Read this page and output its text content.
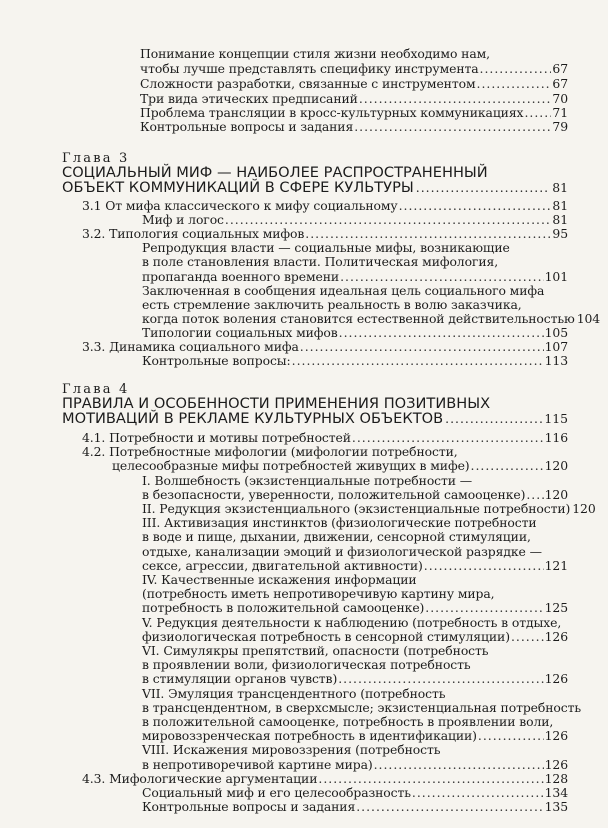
Понимание концепции стиля жизни необходимо нам,
чтобы лучше представлять специфику инструмента .....	67
Сложности разработки, связанные с инструментом .....	67
Три вида этических предписаний .....	70
Проблема трансляции в кросс-культурных коммуникациях ..... 71
Контрольные вопросы и задания .....	79
Глава 3
СОЦИАЛЬНЫЙ МИФ — НАИБОЛЕЕ РАСПРОСТРАНЕННЫЙ
ОБЪЕКТ КОММУНИКАЦИЙ В СФЕРЕ КУЛЬТУРЫ .....	81
3.1 От мифа классического к мифу социальному .....	81
Миф и логос .....	81
3.2. Типология социальных мифов .....	95
Репродукция власти — социальные мифы, возникающие
в поле становления власти. Политическая мифология,
пропаганда военного времени .....	101
Заключенная в сообщения идеальная цель социального мифа
есть стремление заключить реальность в волю заказчика,
когда поток воления становится естественной действительностью 104
Типологии социальных мифов .....	105
3.3. Динамика социального мифа .....	107
Контрольные вопросы: .....	113
Глава 4
ПРАВИЛА И ОСОБЕННОСТИ ПРИМЕНЕНИЯ ПОЗИТИВНЫХ
МОТИВАЦИЙ В РЕКЛАМЕ КУЛЬТУРНЫХ ОБЪЕКТОВ .....	115
4.1. Потребности и мотивы потребностей .....	116
4.2. Потребностные мифологии (мифологии потребности,
целесообразные мифы потребностей живущих в мифе) .....	120
I. Волшебность (экзистенциальные потребности —
в безопасности, уверенности, положительной самооценке) ..... 120
II. Редукция экзистенциального (экзистенциальные потребности) 120
III. Активизация инстинктов (физиологические потребности
в воде и пище, дыхании, движении, сенсорной стимуляции,
отдыхе, канализации эмоций и физиологической разрядке —
сексе, агрессии, двигательной активности) .....	121
IV. Качественные искажения информации
(потребность иметь непротиворечивую картину мира,
потребность в положительной самооценке) .....	125
V. Редукция деятельности к наблюдению (потребность в отдыхе,
физиологическая потребность в сенсорной стимуляции) .....	126
VI. Симулякры препятствий, опасности (потребность
в проявлении воли, физиологическая потребность
в стимуляции органов чувств) .....	126
VII. Эмуляция трансцендентного (потребность
в трансцендентном, в сверхсмысле; экзистенциальная потребность
в положительной самооценке, потребность в проявлении воли,
мировоззренческая потребность в идентификации) .....	126
VIII. Искажения мировоззрения (потребность
в непротиворечивой картине мира) .....	126
4.3. Мифологические аргументации .....	128
Социальный миф и его целесообразность .....	134
Контрольные вопросы и задания .....	135
